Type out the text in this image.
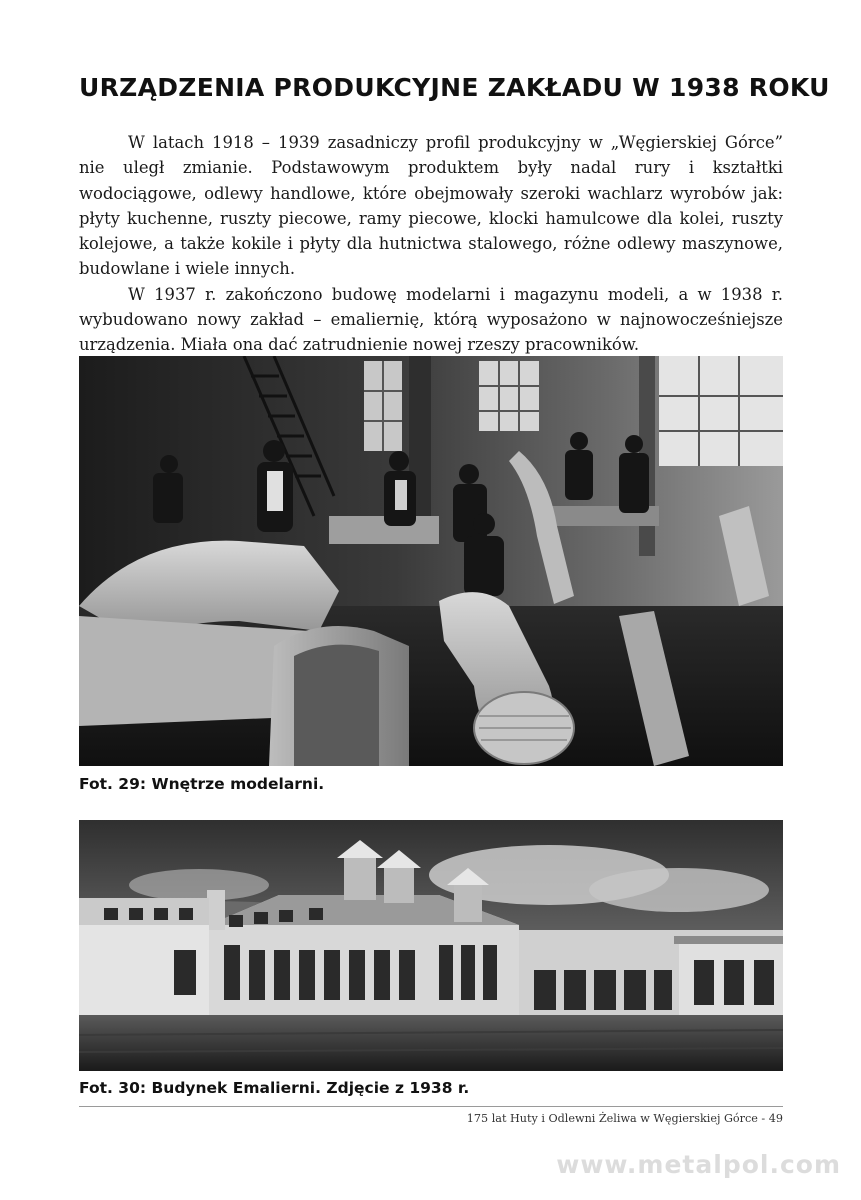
URZĄDZENIA PRODUKCYJNE ZAKŁADU W 1938 ROKU

W latach 1918 – 1939 zasadniczy profil produkcyjny w „Węgierskiej Górce” nie uległ zmianie. Podstawowym produktem były nadal rury i kształtki wodociągowe, odlewy handlowe, które obejmowały szeroki wachlarz wyrobów jak: płyty kuchenne, ruszty piecowe, ramy piecowe, klocki hamulcowe dla kolei, ruszty kolejowe, a także kokile i płyty dla hutnictwa stalowego, różne odlewy maszynowe, budowlane i wiele innych.

W 1937 r. zakończono budowę modelarni i magazynu modeli, a w 1938 r. wybudowano nowy zakład – emaliernię, którą wyposażono w najnowocześniejsze urządzenia. Miała ona dać zatrudnienie nowej rzeszy pracowników.

Fot. 29: Wnętrze modelarni.
Fot. 30: Budynek Emalierni. Zdjęcie z 1938 r.
175 lat Huty i Odlewni Żeliwa w Węgierskiej Górce - 49
www.metalpol.com
